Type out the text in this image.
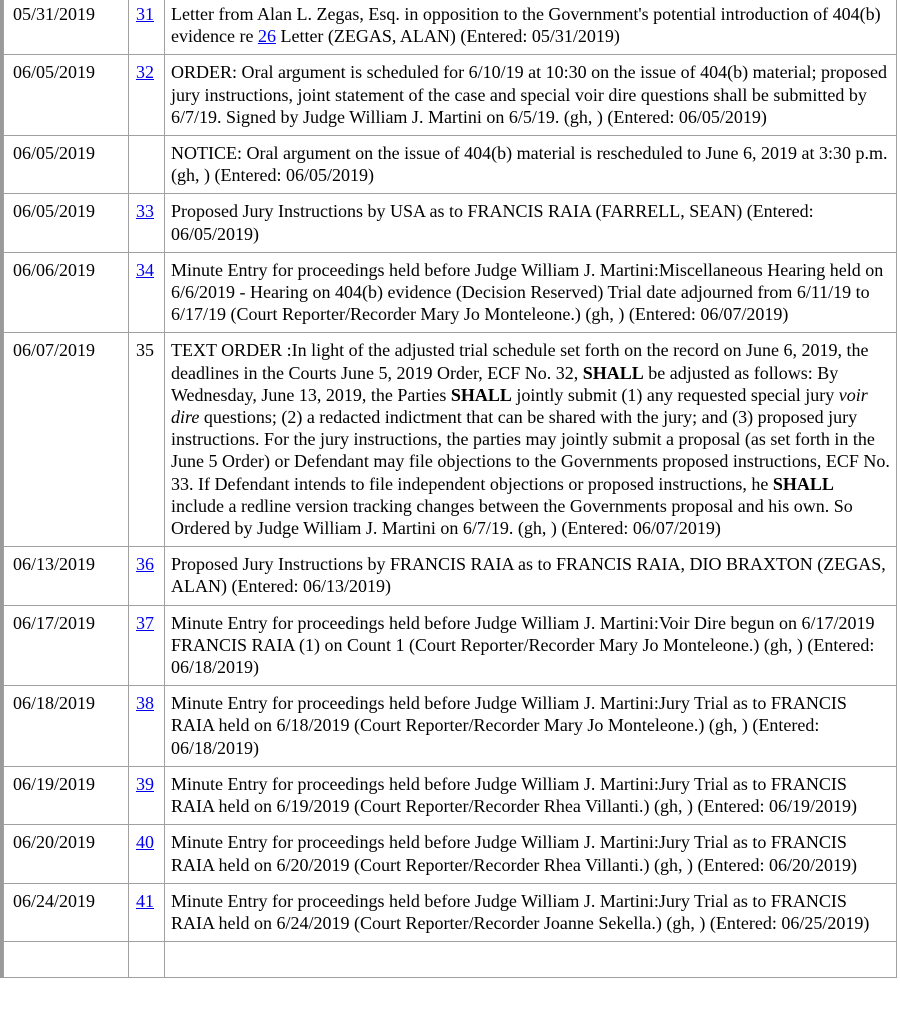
05/31/2019	31	Letter from Alan L. Zegas, Esq. in opposition to the Government's potential introduction of 404(b) evidence re 26 Letter (ZEGAS, ALAN) (Entered: 05/31/2019)
06/05/2019	32	ORDER: Oral argument is scheduled for 6/10/19 at 10:30 on the issue of 404(b) material; proposed jury instructions, joint statement of the case and special voir dire questions shall be submitted by 6/7/19. Signed by Judge William J. Martini on 6/5/19. (gh, ) (Entered: 06/05/2019)
06/05/2019		NOTICE: Oral argument on the issue of 404(b) material is rescheduled to June 6, 2019 at 3:30 p.m. (gh, ) (Entered: 06/05/2019)
06/05/2019	33	Proposed Jury Instructions by USA as to FRANCIS RAIA (FARRELL, SEAN) (Entered: 06/05/2019)
06/06/2019	34	Minute Entry for proceedings held before Judge William J. Martini:Miscellaneous Hearing held on 6/6/2019 - Hearing on 404(b) evidence (Decision Reserved) Trial date adjourned from 6/11/19 to 6/17/19 (Court Reporter/Recorder Mary Jo Monteleone.) (gh, ) (Entered: 06/07/2019)
06/07/2019	35	TEXT ORDER :In light of the adjusted trial schedule set forth on the record on June 6, 2019, the deadlines in the Courts June 5, 2019 Order, ECF No. 32, SHALL be adjusted as follows: By Wednesday, June 13, 2019, the Parties SHALL jointly submit (1) any requested special jury voir dire questions; (2) a redacted indictment that can be shared with the jury; and (3) proposed jury instructions. For the jury instructions, the parties may jointly submit a proposal (as set forth in the June 5 Order) or Defendant may file objections to the Governments proposed instructions, ECF No. 33. If Defendant intends to file independent objections or proposed instructions, he SHALL include a redline version tracking changes between the Governments proposal and his own. So Ordered by Judge William J. Martini on 6/7/19. (gh, ) (Entered: 06/07/2019)
06/13/2019	36	Proposed Jury Instructions by FRANCIS RAIA as to FRANCIS RAIA, DIO BRAXTON (ZEGAS, ALAN) (Entered: 06/13/2019)
06/17/2019	37	Minute Entry for proceedings held before Judge William J. Martini:Voir Dire begun on 6/17/2019 FRANCIS RAIA (1) on Count 1 (Court Reporter/Recorder Mary Jo Monteleone.) (gh, ) (Entered: 06/18/2019)
06/18/2019	38	Minute Entry for proceedings held before Judge William J. Martini:Jury Trial as to FRANCIS RAIA held on 6/18/2019 (Court Reporter/Recorder Mary Jo Monteleone.) (gh, ) (Entered: 06/18/2019)
06/19/2019	39	Minute Entry for proceedings held before Judge William J. Martini:Jury Trial as to FRANCIS RAIA held on 6/19/2019 (Court Reporter/Recorder Rhea Villanti.) (gh, ) (Entered: 06/19/2019)
06/20/2019	40	Minute Entry for proceedings held before Judge William J. Martini:Jury Trial as to FRANCIS RAIA held on 6/20/2019 (Court Reporter/Recorder Rhea Villanti.) (gh, ) (Entered: 06/20/2019)
06/24/2019	41	Minute Entry for proceedings held before Judge William J. Martini:Jury Trial as to FRANCIS RAIA held on 6/24/2019 (Court Reporter/Recorder Joanne Sekella.) (gh, ) (Entered: 06/25/2019)
